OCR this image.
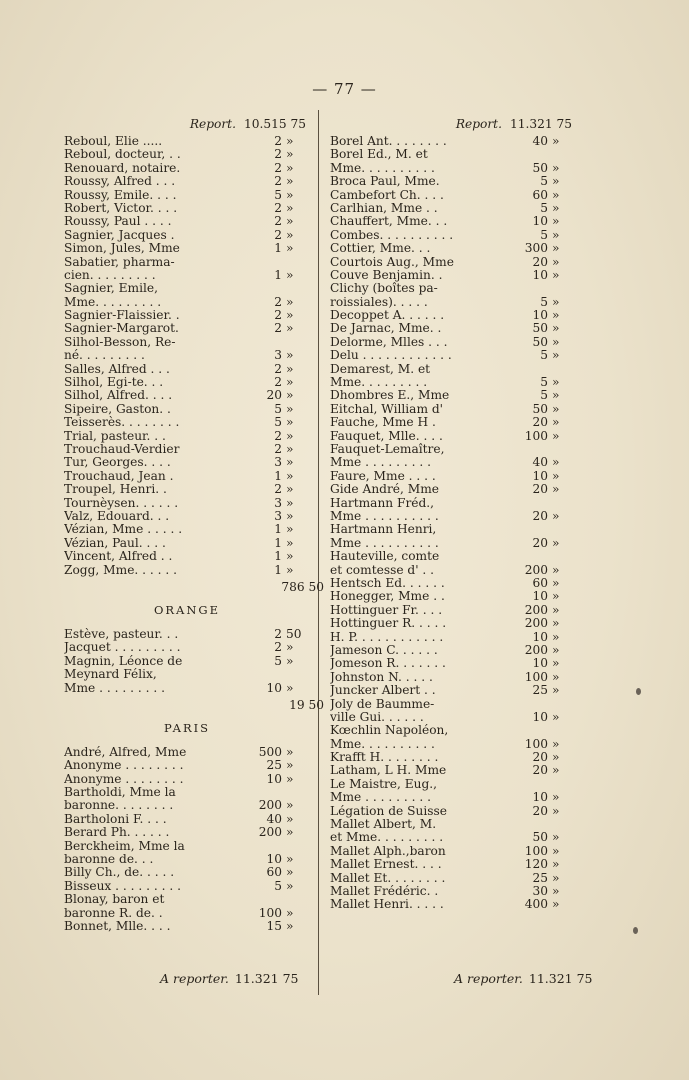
— 77 —
Report. 10.515 75
Reboul, Elie .....	2 »
Reboul, docteur, . .	2 »
Renouard, notaire.	2 »
Roussy, Alfred . . .	2 »
Roussy, Emile. . . .	5 »
Robert, Victor. . . .	2 »
Roussy, Paul . . . .	2 »
Sagnier, Jacques .	2 »
Simon, Jules, Mme	1 »
Sabatier, pharma-
cien. . . . . . . . .	1 »
Sagnier, Emile,
Mme. . . . . . . . .	2 »
Sagnier-Flaissier. .	2 »
Sagnier-Margarot.	2 »
Silhol-Besson, Re-
né. . . . . . . . .	3 »
Salles, Alfred . . .	2 »
Silhol, Egi-te. . .	2 »
Silhol, Alfred. . . .	20 »
Sipeire, Gaston. .	5 »
Teisserès. . . . . . . .	5 »
Trial, pasteur. . .	2 »
Trouchaud-Verdier	2 »
Tur, Georges. . . .	3 »
Trouchaud, Jean .	1 »
Troupel, Henri. .	2 »
Tournèysen. . . . . .	3 »
Valz, Edouard. . .	3 »
Vézian, Mme . . . . .	1 »
Vézian, Paul. . . .	1 »
Vincent, Alfred . .	1 »
Zogg, Mme. . . . . .	1 »
786 50
ORANGE
Estève, pasteur. . .	2 50
Jacquet . . . . . . . . .	2 »
Magnin, Léonce de	5 »
Meynard Félix,
Mme . . . . . . . . .	10 »
19 50
PARIS
André, Alfred, Mme	500 »
Anonyme . . . . . . . .	25 »
Anonyme . . . . . . . .	10 »
Bartholdi, Mme la
baronne. . . . . . . .	200 »
Bartholoni F. . . .	40 »
Berard Ph. . . . . .	200 »
Berckheim, Mme la
baronne de. . .	10 »
Billy Ch., de. . . . .	60 »
Bisseux . . . . . . . . .	5 »
Blonay, baron et
baronne R. de. .	100 »
Bonnet, Mlle. . . .	15 »
Report. 11.321 75
Borel Ant. . . . . . . .	40 »
Borel Ed., M. et
Mme. . . . . . . . . .	50 »
Broca Paul, Mme.	5 »
Cambefort Ch. . . .	60 »
Carlhian, Mme . .	5 »
Chauffert, Mme. . .	10 »
Combes. . . . . . . . . .	5 »
Cottier, Mme. . .	300 »
Courtois Aug., Mme	20 »
Couve Benjamin. .	10 »
Clichy (boîtes pa-
roissiales). . . . .	5 »
Decoppet A. . . . . .	10 »
De Jarnac, Mme. .	50 »
Delorme, Mlles . . .	50 »
Delu . . . . . . . . . . . .	5 »
Demarest, M. et
Mme. . . . . . . . .	5 »
Dhombres E., Mme	5 »
Eitchal, William d'	50 »
Fauche, Mme H .	20 »
Fauquet, Mlle. . . .	100 »
Fauquet-Lemaître,
Mme . . . . . . . . .	40 »
Faure, Mme . . . .	10 »
Gide André, Mme	20 »
Hartmann Fréd.,
Mme . . . . . . . . . .	20 »
Hartmann Henri,
Mme . . . . . . . . . .	20 »
Hauteville, comte
et comtesse d' . .	200 »
Hentsch Ed. . . . . .	60 »
Honegger, Mme . .	10 »
Hottinguer Fr. . . .	200 »
Hottinguer R. . . . .	200 »
H. P. . . . . . . . . . . .	10 »
Jameson C. . . . . .	200 »
Jomeson R. . . . . . .	10 »
Johnston N. . . . .	100 »
Juncker Albert . .	25 »
Joly de Baumme-
ville Gui. . . . . .	10 »
Kœchlin Napoléon,
Mme. . . . . . . . . .	100 »
Krafft H. . . . . . . .	20 »
Latham, L H. Mme	20 »
Le Maistre, Eug.,
Mme . . . . . . . . .	10 »
Légation de Suisse	20 »
Mallet Albert, M.
et Mme. . . . . . . . .	50 »
Mallet Alph.,baron	100 »
Mallet Ernest. . . .	120 »
Mallet Et. . . . . . . .	25 »
Mallet Frédéric. .	30 »
Mallet Henri. . . . .	400 »
A reporter. 11.321 75	A reporter. 11.321 75
